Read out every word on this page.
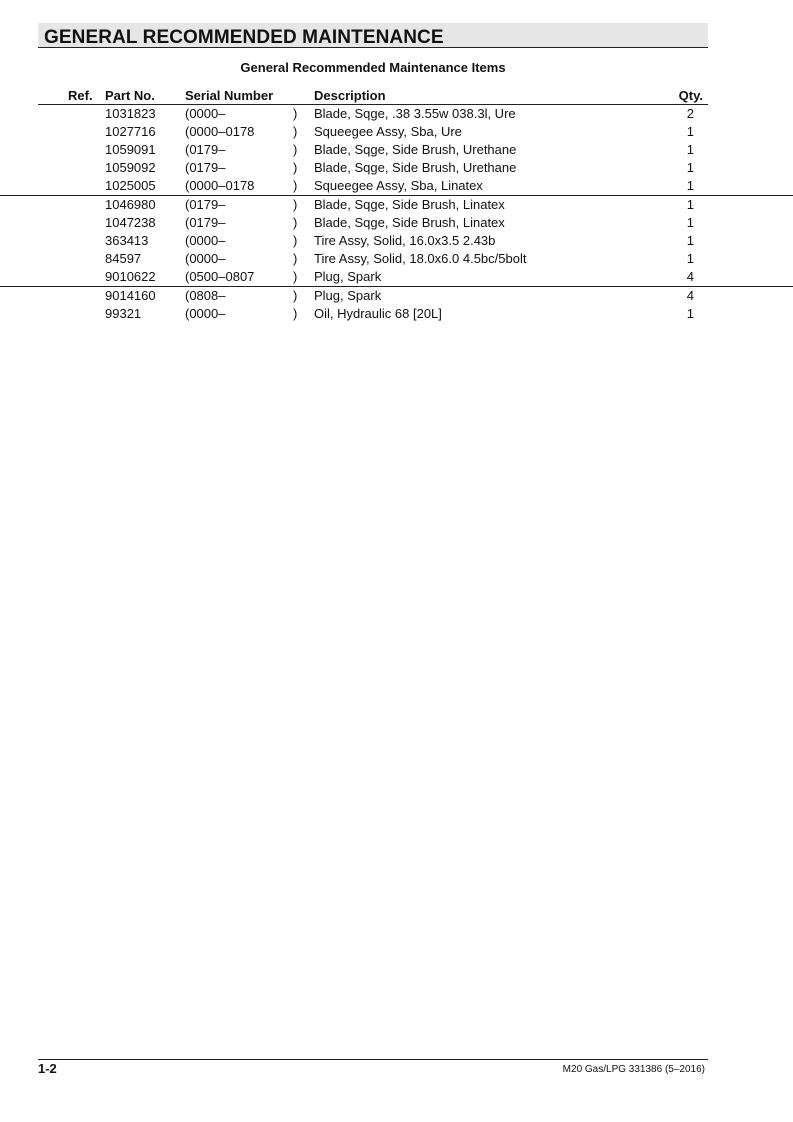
GENERAL RECOMMENDED MAINTENANCE
General Recommended Maintenance Items
Ref. Part No. Serial Number	Description	Qty.
1031823 (0000–	) Blade, Sqge, .38 3.55w 038.3l, Ure	2
1027716 (0000–0178	) Squeegee Assy, Sba, Ure	1
1059091 (0179–	) Blade, Sqge, Side Brush, Urethane	1
1059092 (0179–	) Blade, Sqge, Side Brush, Urethane	1
1025005 (0000–0178	) Squeegee Assy, Sba, Linatex	1
1046980 (0179–	) Blade, Sqge, Side Brush, Linatex	1
1047238 (0179–	) Blade, Sqge, Side Brush, Linatex	1
363413	(0000–	) Tire Assy, Solid, 16.0x3.5 2.43b	1
84597	(0000–	) Tire Assy, Solid, 18.0x6.0 4.5bc/5bolt	1
9010622 (0500–0807	) Plug, Spark	4
9014160 (0808–	) Plug, Spark	4
99321	(0000–	) Oil, Hydraulic 68 [20L]	1
1-2	M20 Gas/LPG 331386 (5–2016)
